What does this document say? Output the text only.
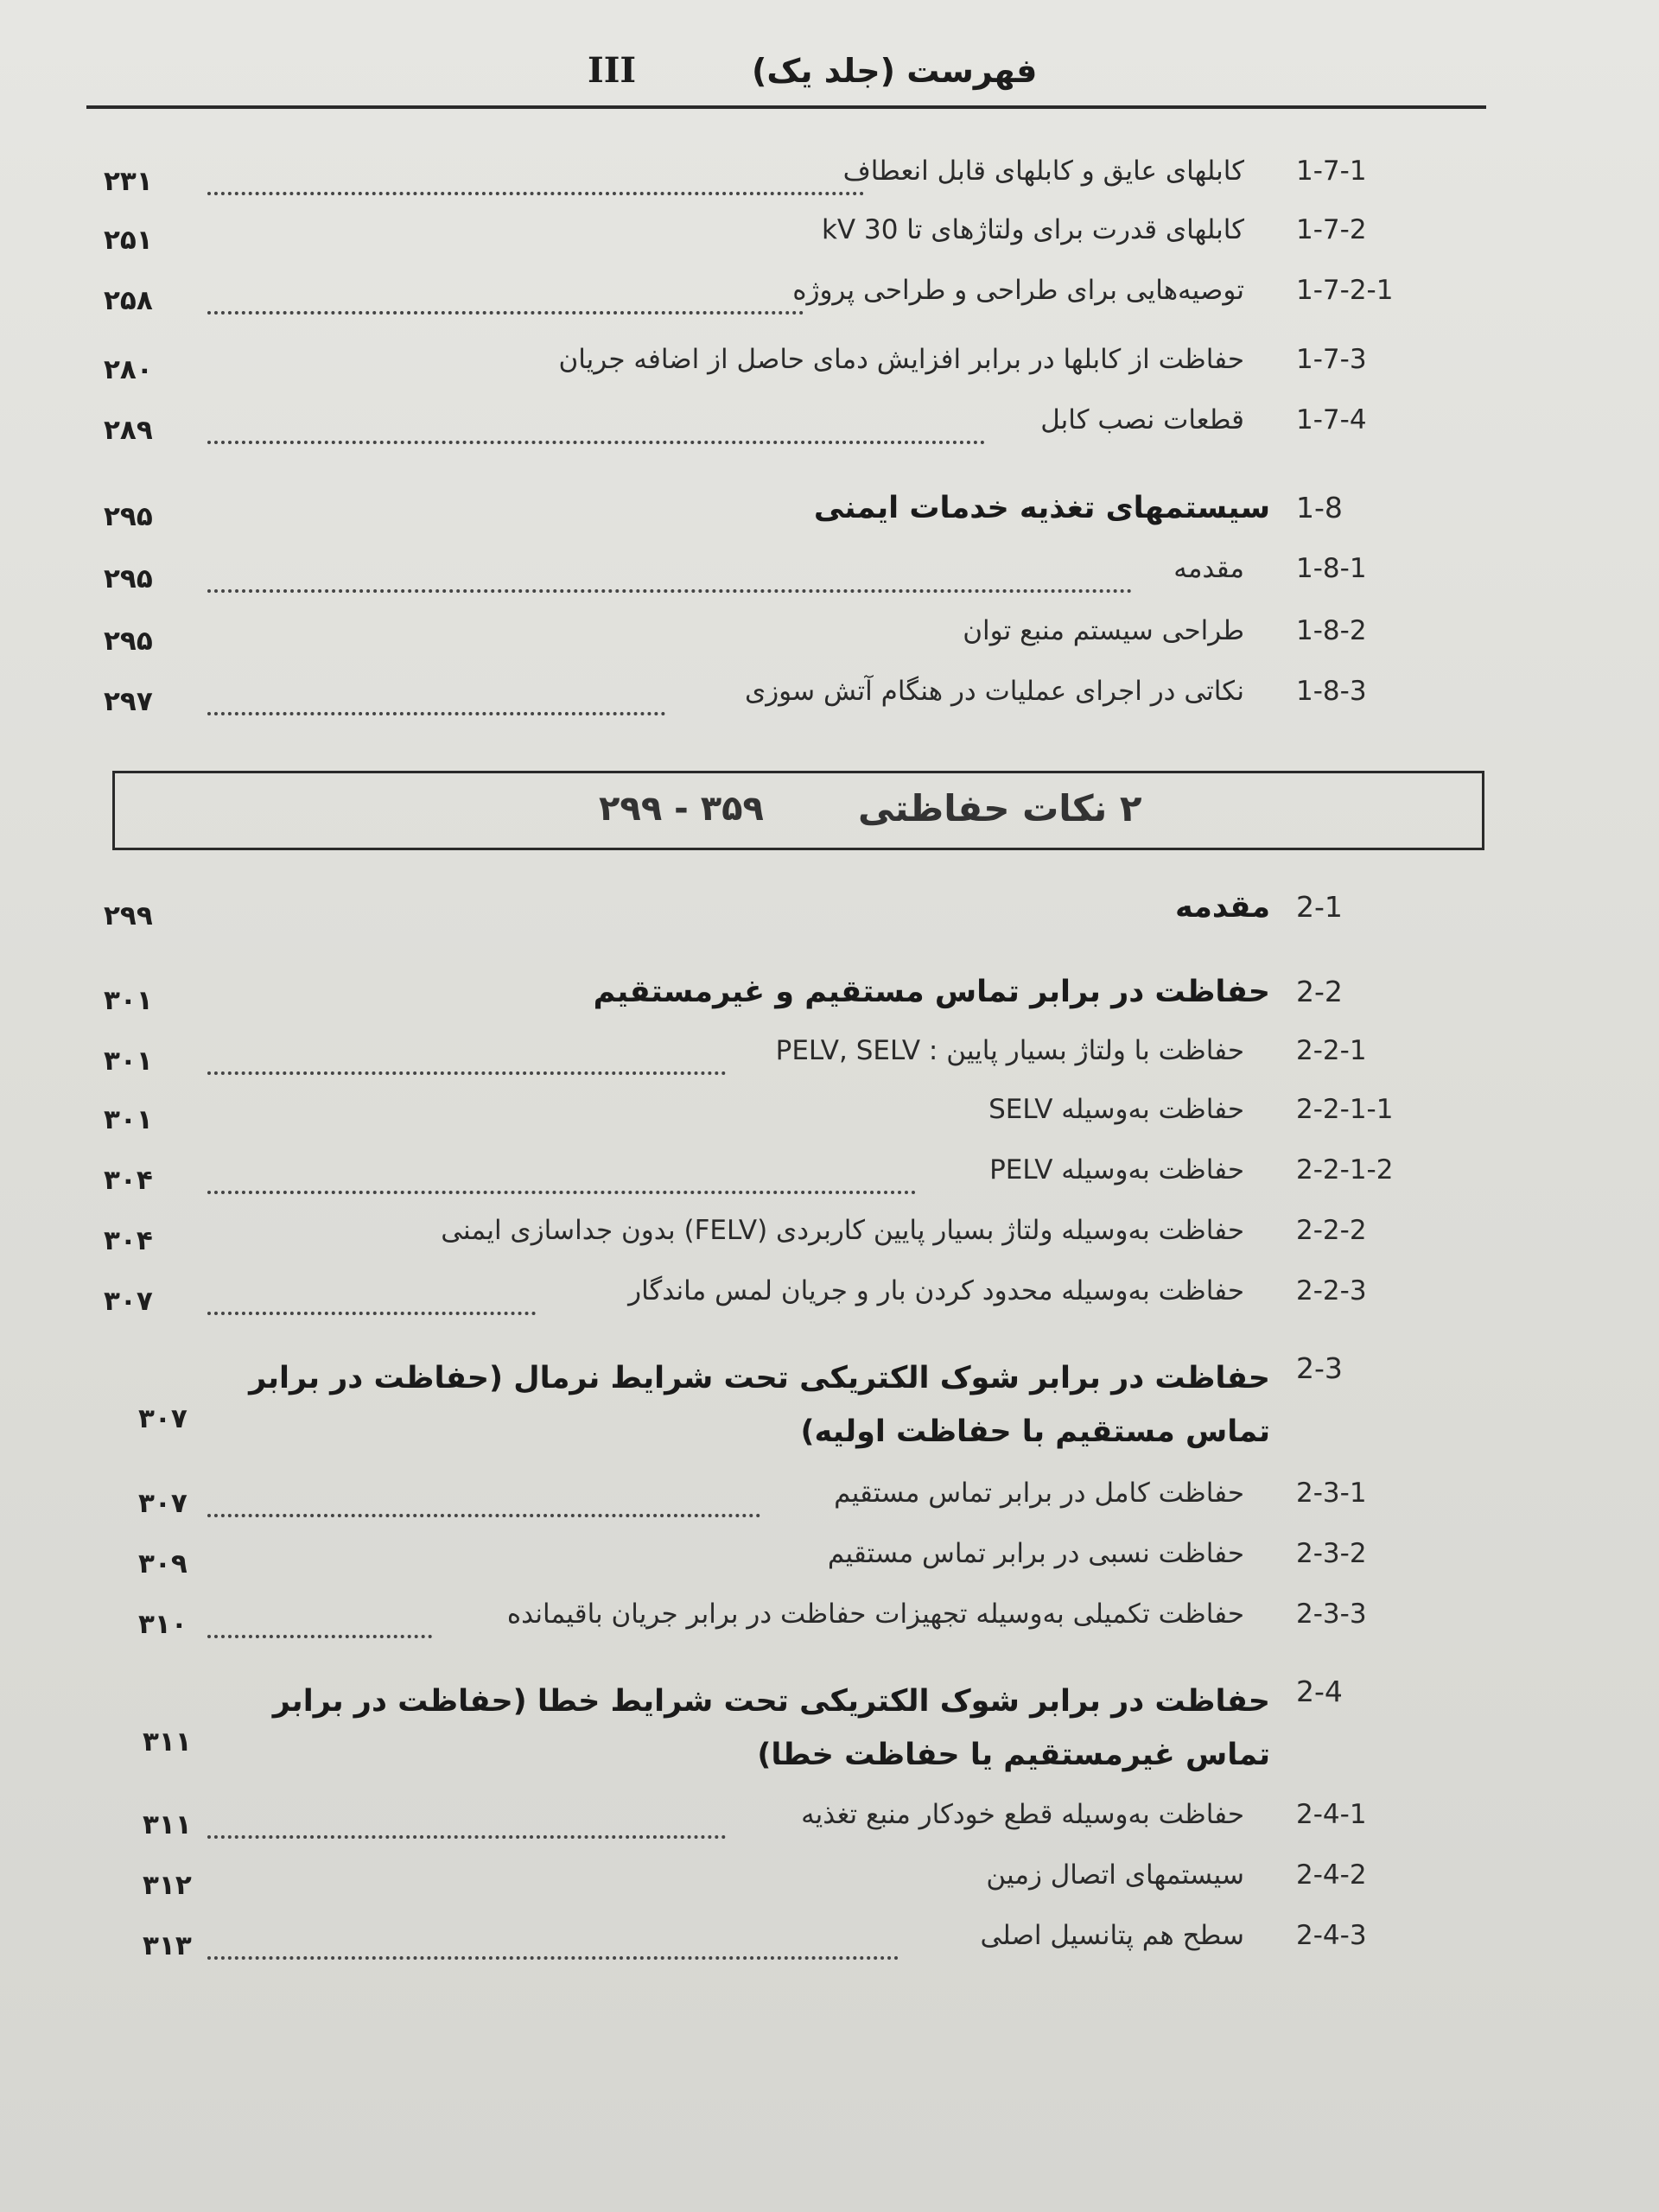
III	فهرست (جلد یک)
1-7-1
کابلهای عایق و کابلهای قابل انعطاف
۲۳۱
1-7-2
کابلهای قدرت برای ولتاژهای تا 30 kV
۲۵۱
1-7-2-1
توصیه‌هایی برای طراحی و طراحی پروژه
۲۵۸
1-7-3
حفاظت از کابلها در برابر افزایش دمای حاصل از اضافه جریان
۲۸۰
1-7-4
قطعات نصب کابل
۲۸۹
1-8
سیستمهای تغذیه خدمات ایمنی
۲۹۵
1-8-1
مقدمه
۲۹۵
1-8-2
طراحی سیستم منبع توان
۲۹۵
1-8-3
نکاتی در اجرای عملیات در هنگام آتش سوزی
۲۹۷
۲۹۹ - ۳۵۹	۲ نکات حفاظتی
2-1
مقدمه
۲۹۹
2-2
حفاظت در برابر تماس مستقیم و غیرمستقیم
۳۰۱
2-2-1
حفاظت با ولتاژ بسیار پایین : PELV, SELV
۳۰۱
2-2-1-1
حفاظت به‌وسیله SELV
۳۰۱
2-2-1-2
حفاظت به‌وسیله PELV
۳۰۴
2-2-2
حفاظت به‌وسیله ولتاژ بسیار پایین کاربردی (FELV) بدون جداسازی ایمنی
۳۰۴
2-2-3
حفاظت به‌وسیله محدود کردن بار و جریان لمس ماندگار
۳۰۷
2-3
حفاظت در برابر شوک الکتریکی تحت شرایط نرمال (حفاظت در برابر تماس مستقیم با حفاظت اولیه)
۳۰۷
2-3-1
حفاظت کامل در برابر تماس مستقیم
۳۰۷
2-3-2
حفاظت نسبی در برابر تماس مستقیم
۳۰۹
2-3-3
حفاظت تکمیلی به‌وسیله تجهیزات حفاظت در برابر جریان باقیمانده
۳۱۰
2-4
حفاظت در برابر شوک الکتریکی تحت شرایط خطا (حفاظت در برابر تماس غیرمستقیم یا حفاظت خطا)
۳۱۱
2-4-1
حفاظت به‌وسیله قطع خودکار منبع تغذیه
۳۱۱
2-4-2
سیستمهای اتصال زمین
۳۱۲
2-4-3
سطح هم پتانسیل اصلی
۳۱۳
